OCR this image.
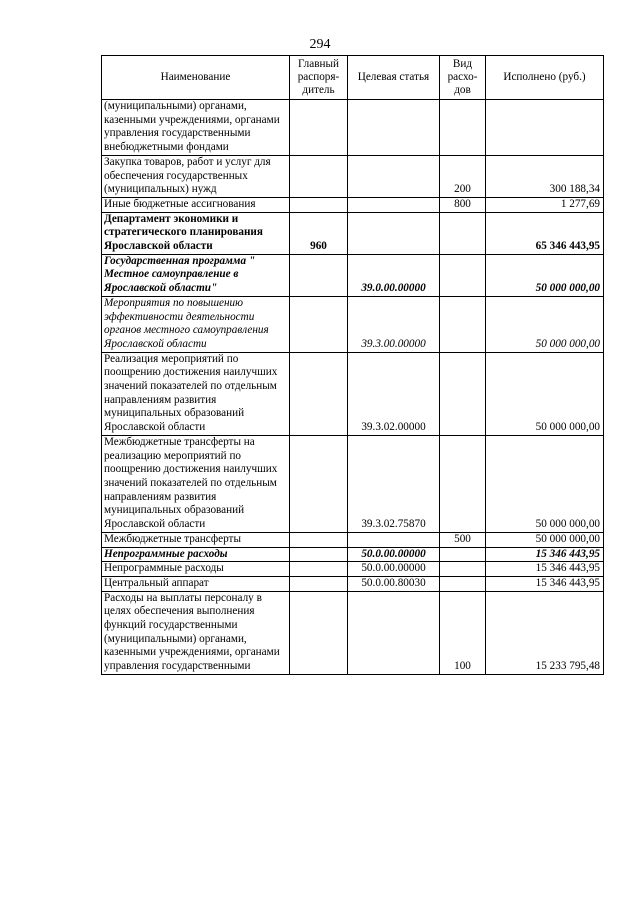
294
Наименование	Главный распоря-дитель	Целевая статья	Вид расхо-дов	Исполнено (руб.)
(муниципальными) органами, казенными учреждениями, органами управления государственными внебюджетными фондами				
Закупка товаров, работ и услуг для обеспечения государственных (муниципальных) нужд			200	300 188,34
Иные бюджетные ассигнования			800	1 277,69
Департамент экономики и стратегического планирования Ярославской области	960			65 346 443,95
Государственная программа " Местное самоуправление в Ярославской области"		39.0.00.00000		50 000 000,00
Мероприятия по повышению эффективности деятельности органов местного самоуправления Ярославской области		39.3.00.00000		50 000 000,00
Реализация мероприятий по поощрению достижения наилучших значений показателей по отдельным направлениям развития муниципальных образований Ярославской области		39.3.02.00000		50 000 000,00
Межбюджетные трансферты на реализацию мероприятий по поощрению достижения наилучших значений показателей по отдельным направлениям развития муниципальных образований Ярославской области		39.3.02.75870		50 000 000,00
Межбюджетные трансферты			500	50 000 000,00
Непрограммные расходы		50.0.00.00000		15 346 443,95
Непрограммные расходы		50.0.00.00000		15 346 443,95
Центральный аппарат		50.0.00.80030		15 346 443,95
Расходы на выплаты персоналу в целях обеспечения выполнения функций государственными (муниципальными) органами, казенными учреждениями, органами управления государственными			100	15 233 795,48
